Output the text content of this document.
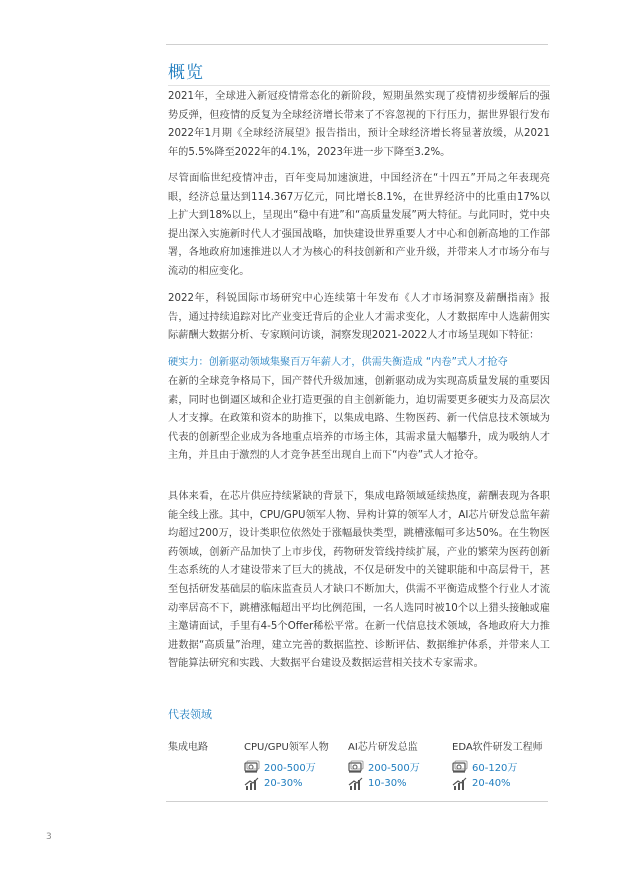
概览

2021年，全球进入新冠疫情常态化的新阶段，短期虽然实现了疫情初步缓解后的强势反弹，但疫情的反复为全球经济增长带来了不容忽视的下行压力，据世界银行发布2022年1月期《全球经济展望》报告指出，预计全球经济增长将显著放缓，从2021年的5.5%降至2022年的4.1%，2023年进一步下降至3.2%。

尽管面临世纪疫情冲击，百年变局加速演进，中国经济在“十四五”开局之年表现亮眼，经济总量达到114.367万亿元，同比增长8.1%，在世界经济中的比重由17%以上扩大到18%以上，呈现出“稳中有进”和“高质量发展”两大特征。与此同时，党中央提出深入实施新时代人才强国战略，加快建设世界重要人才中心和创新高地的工作部署，各地政府加速推进以人才为核心的科技创新和产业升级，并带来人才市场分布与流动的相应变化。

2022年，科锐国际市场研究中心连续第十年发布《人才市场洞察及薪酬指南》报告，通过持续追踪对比产业变迁背后的企业人才需求变化，人才数据库中人选薪佣实际薪酬大数据分析、专家顾问访谈，洞察发现2021-2022人才市场呈现如下特征：

硬实力：创新驱动领域集聚百万年薪人才，供需失衡造成 “内卷”式人才抢夺

在新的全球竞争格局下，国产替代升级加速，创新驱动成为实现高质量发展的重要因素，同时也倒逼区域和企业打造更强的自主创新能力，迫切需要更多硬实力及高层次人才支撑。在政策和资本的助推下，以集成电路、生物医药、新一代信息技术领域为代表的创新型企业成为各地重点培养的市场主体，其需求量大幅攀升，成为吸纳人才主角，并且由于激烈的人才竞争甚至出现自上而下“内卷”式人才抢夺。

具体来看，在芯片供应持续紧缺的背景下，集成电路领域延续热度，薪酬表现为各职能全线上涨。其中，CPU/GPU领军人物、异构计算的领军人才，AI芯片研发总监年薪均超过200万，设计类职位依然处于涨幅最快类型，跳槽涨幅可多达50%。在生物医药领域，创新产品加快了上市步伐，药物研发管线持续扩展，产业的繁荣为医药创新生态系统的人才建设带来了巨大的挑战，不仅是研发中的关键职能和中高层骨干，甚至包括研发基础层的临床监查员人才缺口不断加大，供需不平衡造成整个行业人才流动率居高不下，跳槽涨幅超出平均比例范围，一名人选同时被10个以上猎头接触或雇主邀请面试，手里有4-5个Offer稀松平常。在新一代信息技术领域，各地政府大力推进数据“高质量”治理，建立完善的数据监控、诊断评估、数据维护体系，并带来人工智能算法研究和实践、大数据平台建设及数据运营相关技术专家需求。

代表领域
集成电路	CPU/GPU领军人物
200-500万
20-30%
AI芯片研发总监
200-500万
10-30%
EDA软件研发工程师
60-120万
20-40%
3
